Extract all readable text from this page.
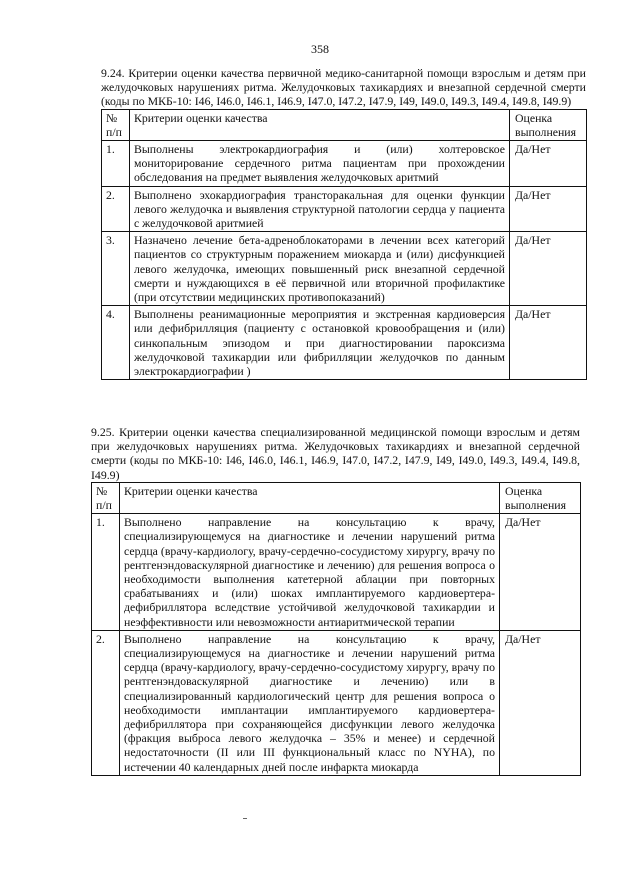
358

9.24. Критерии оценки качества первичной медико-санитарной помощи взрослым и детям при желудочковых нарушениях ритма. Желудочковых тахикардиях и внезапной сердечной смерти (коды по МКБ-10: I46, I46.0, I46.1, I46.9, I47.0, I47.2, I47.9, I49, I49.0, I49.3, I49.4, I49.8, I49.9)

№ п/п	Критерии оценки качества	Оценка выполнения
1.	Выполнены электрокардиография и (или) холтеровское мониторирование сердечного ритма пациентам при прохождении обследования на предмет выявления желудочковых аритмий	Да/Нет
2.	Выполнено эхокардиография трансторакальная для оценки функции левого желудочка и выявления структурной патологии сердца у пациента с желудочковой аритмией	Да/Нет
3.	Назначено лечение бета-адреноблокаторами в лечении всех категорий пациентов со структурным поражением миокарда и (или) дисфункцией левого желудочка, имеющих повышенный риск внезапной сердечной смерти и нуждающихся в её первичной или вторичной профилактике (при отсутствии медицинских противопоказаний)	Да/Нет
4.	Выполнены реанимационные мероприятия и экстренная кардиоверсия или дефибрилляция (пациенту с остановкой кровообращения и (или) синкопальным эпизодом и при диагностировании пароксизма желудочковой тахикардии или фибрилляции желудочков по данным электрокардиографии )	Да/Нет

9.25. Критерии оценки качества специализированной медицинской помощи взрослым и детям при желудочковых нарушениях ритма. Желудочковых тахикардиях и внезапной сердечной смерти (коды по МКБ-10: I46, I46.0, I46.1, I46.9, I47.0, I47.2, I47.9, I49, I49.0, I49.3, I49.4, I49.8, I49.9)

№ п/п	Критерии оценки качества	Оценка выполнения
1.	Выполнено направление на консультацию к врачу, специализирующемуся на диагностике и лечении нарушений ритма сердца (врачу-кардиологу, врачу-сердечно-сосудистому хирургу, врачу по рентгенэндоваскулярной диагностике и лечению) для решения вопроса о необходимости выполнения катетерной аблации при повторных срабатываниях и (или) шоках имплантируемого кардиовертера-дефибриллятора вследствие устойчивой желудочковой тахикардии и неэффективности или невозможности антиаритмической терапии	Да/Нет
2.	Выполнено направление на консультацию к врачу, специализирующемуся на диагностике и лечении нарушений ритма сердца (врачу-кардиологу, врачу-сердечно-сосудистому хирургу, врачу по рентгенэндоваскулярной диагностике и лечению) или в специализированный кардиологический центр для решения вопроса о необходимости имплантации имплантируемого кардиовертера-дефибриллятора при сохраняющейся дисфункции левого желудочка (фракция выброса левого желудочка – 35% и менее) и сердечной недостаточности (II или III функциональный класс по NYHA), по истечении 40 календарных дней после инфаркта миокарда	Да/Нет
